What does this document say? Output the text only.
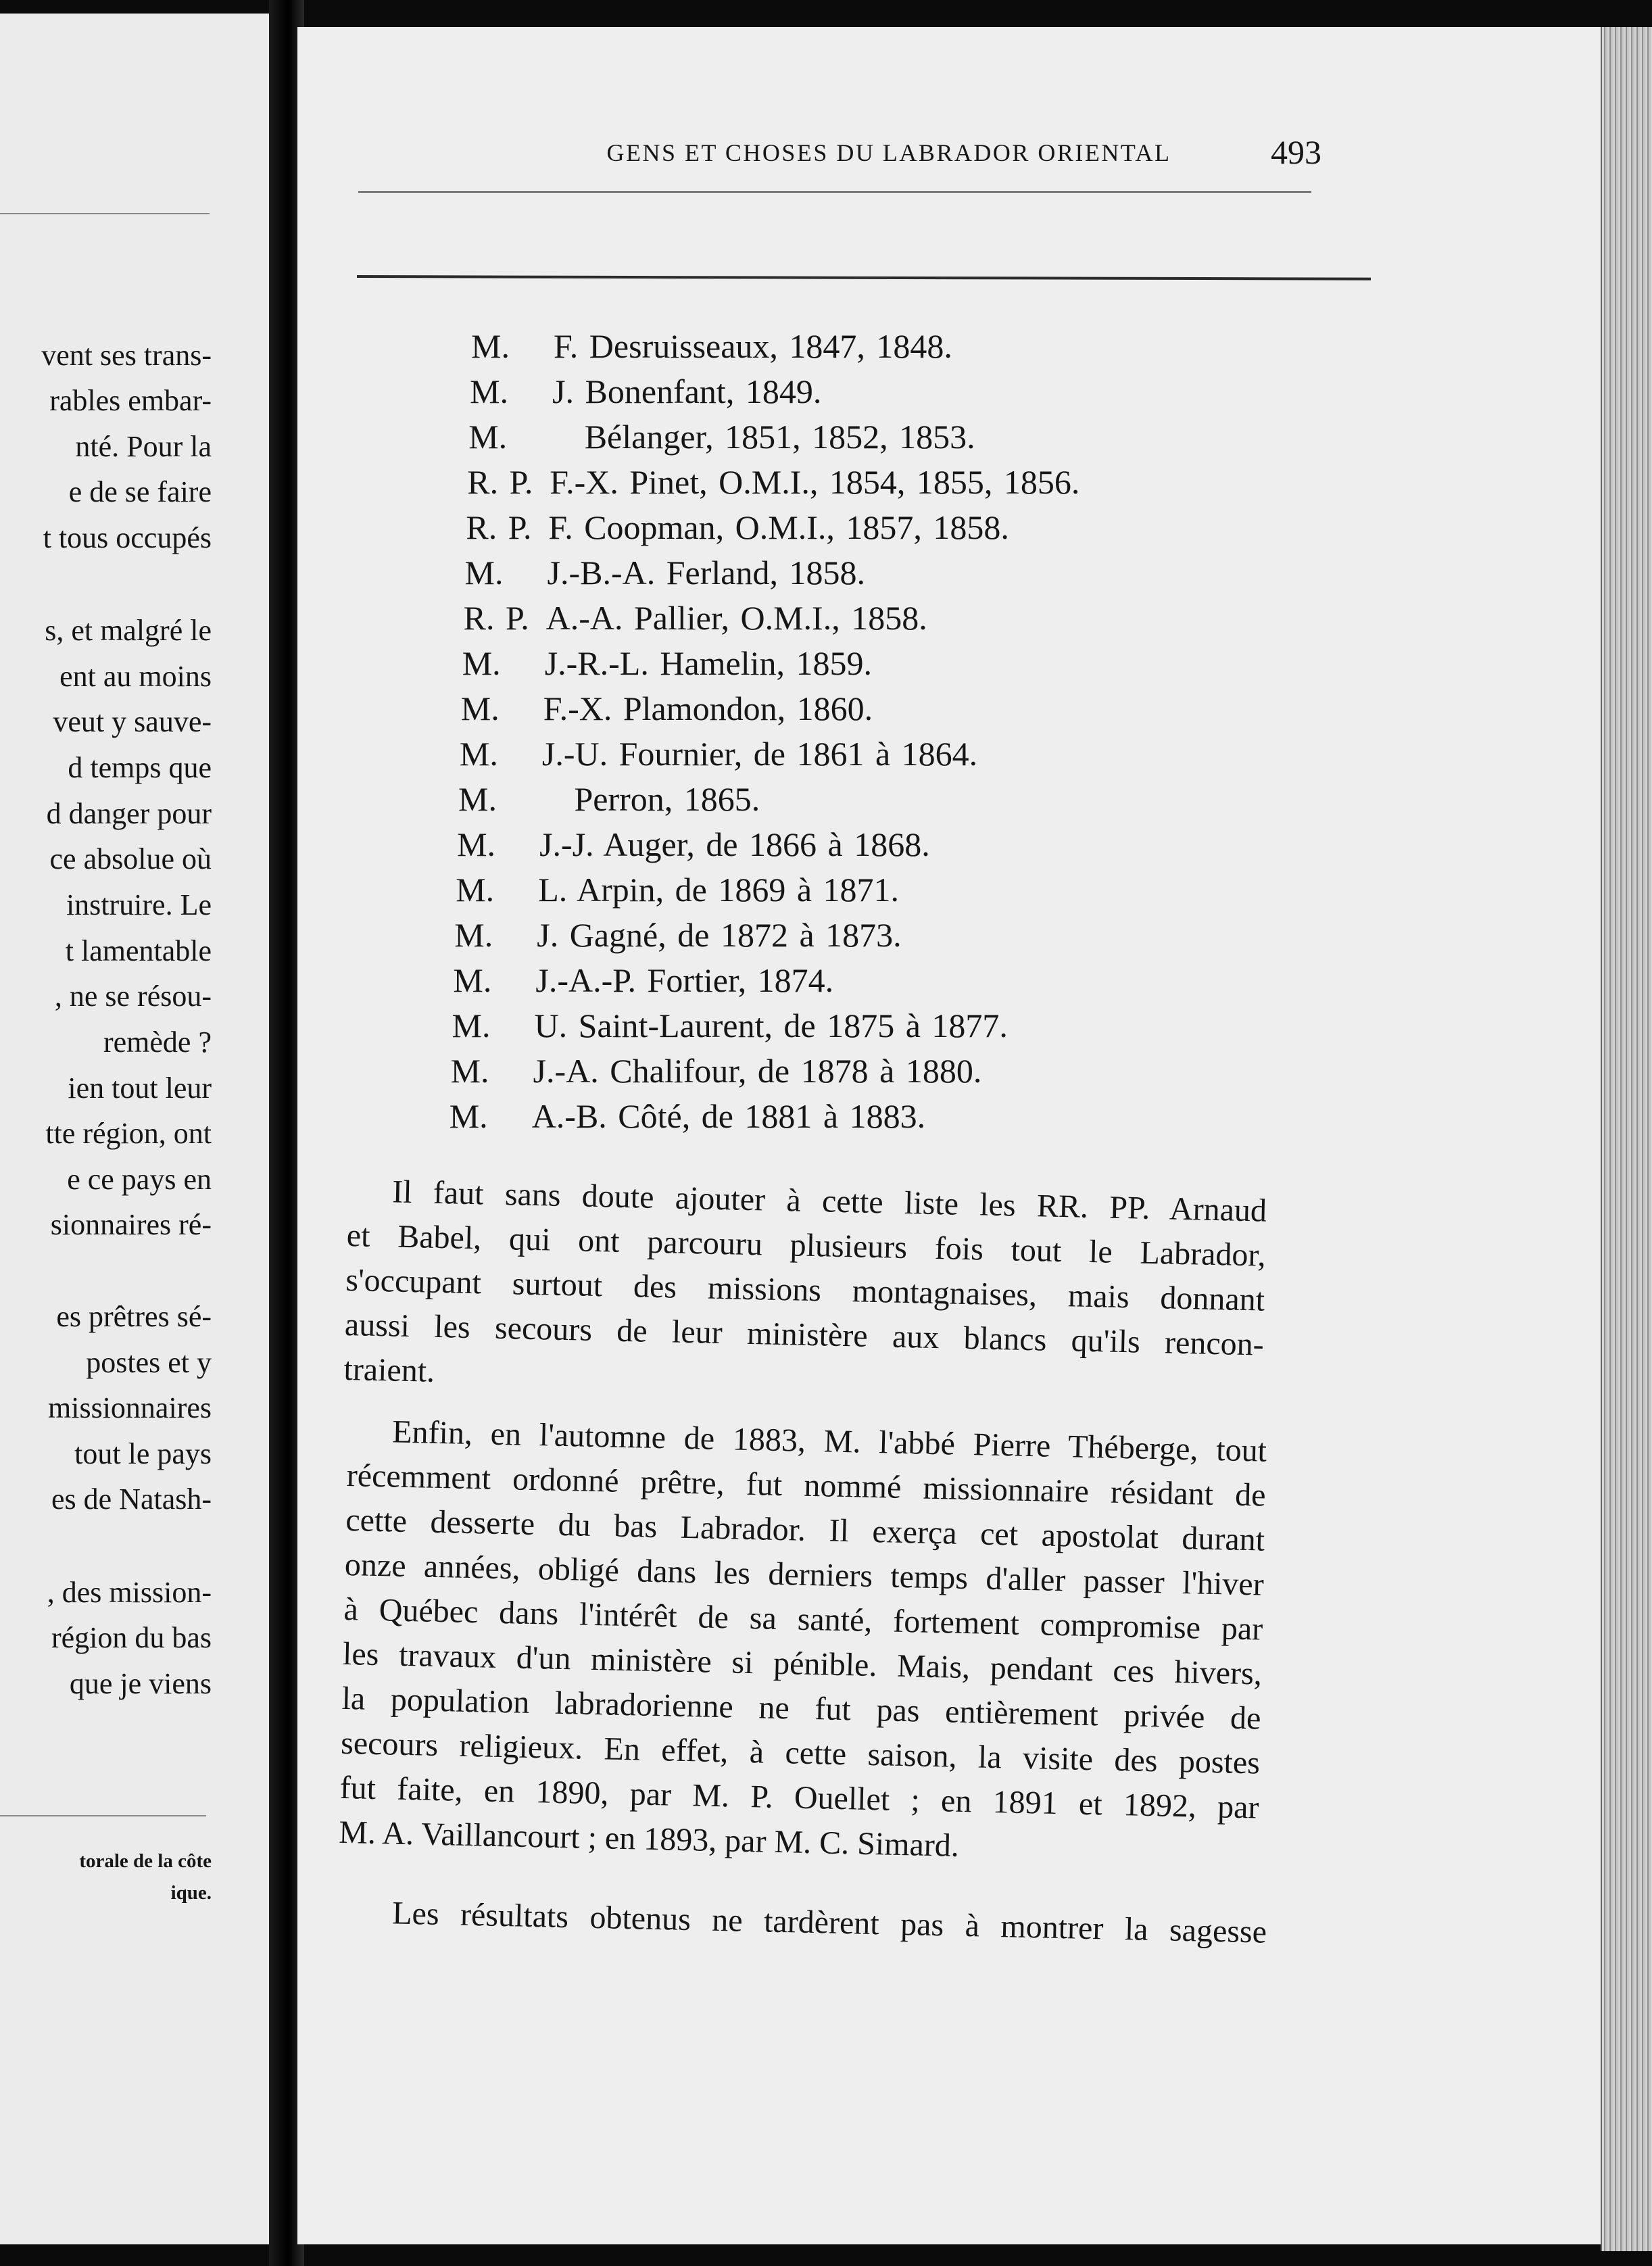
vent ses trans-
rables embar-
nté. Pour la
e de se faire
t tous occupés
s, et malgré le
ent au moins
veut y sauve-
d temps que
d danger pour
ce absolue où
instruire. Le
t lamentable
, ne se résou-
remède ?
ien tout leur
tte région, ont
e ce pays en
sionnaires ré-
es prêtres sé-
postes et y
missionnaires
tout le pays
es de Natash-
, des mission-
région du bas
que je viens
torale de la côte
ique.
GENS ET CHOSES DU LABRADOR ORIENTAL	493
M. F. Desruisseaux, 1847, 1848.
M. J. Bonenfant, 1849.
M.   Bélanger, 1851, 1852, 1853.
R. P. F.-X. Pinet, O.M.I., 1854, 1855, 1856.
R. P. F. Coopman, O.M.I., 1857, 1858.
M. J.-B.-A. Ferland, 1858.
R. P. A.-A. Pallier, O.M.I., 1858.
M. J.-R.-L. Hamelin, 1859.
M. F.-X. Plamondon, 1860.
M. J.-U. Fournier, de 1861 à 1864.
M.   Perron, 1865.
M. J.-J. Auger, de 1866 à 1868.
M. L. Arpin, de 1869 à 1871.
M. J. Gagné, de 1872 à 1873.
M. J.-A.-P. Fortier, 1874.
M. U. Saint-Laurent, de 1875 à 1877.
M. J.-A. Chalifour, de 1878 à 1880.
M. A.-B. Côté, de 1881 à 1883.
Il faut sans doute ajouter à cette liste les RR. PP. Arnaud
et Babel, qui ont parcouru plusieurs fois tout le Labrador,
s'occupant surtout des missions montagnaises, mais donnant
aussi les secours de leur ministère aux blancs qu'ils rencon-
traient.
Enfin, en l'automne de 1883, M. l'abbé Pierre Théberge, tout
récemment ordonné prêtre, fut nommé missionnaire résidant de
cette desserte du bas Labrador. Il exerça cet apostolat durant
onze années, obligé dans les derniers temps d'aller passer l'hiver
à Québec dans l'intérêt de sa santé, fortement compromise par
les travaux d'un ministère si pénible. Mais, pendant ces hivers,
la population labradorienne ne fut pas entièrement privée de
secours religieux. En effet, à cette saison, la visite des postes
fut faite, en 1890, par M. P. Ouellet ; en 1891 et 1892, par
M. A. Vaillancourt ; en 1893, par M. C. Simard.
Les résultats obtenus ne tardèrent pas à montrer la sagesse
